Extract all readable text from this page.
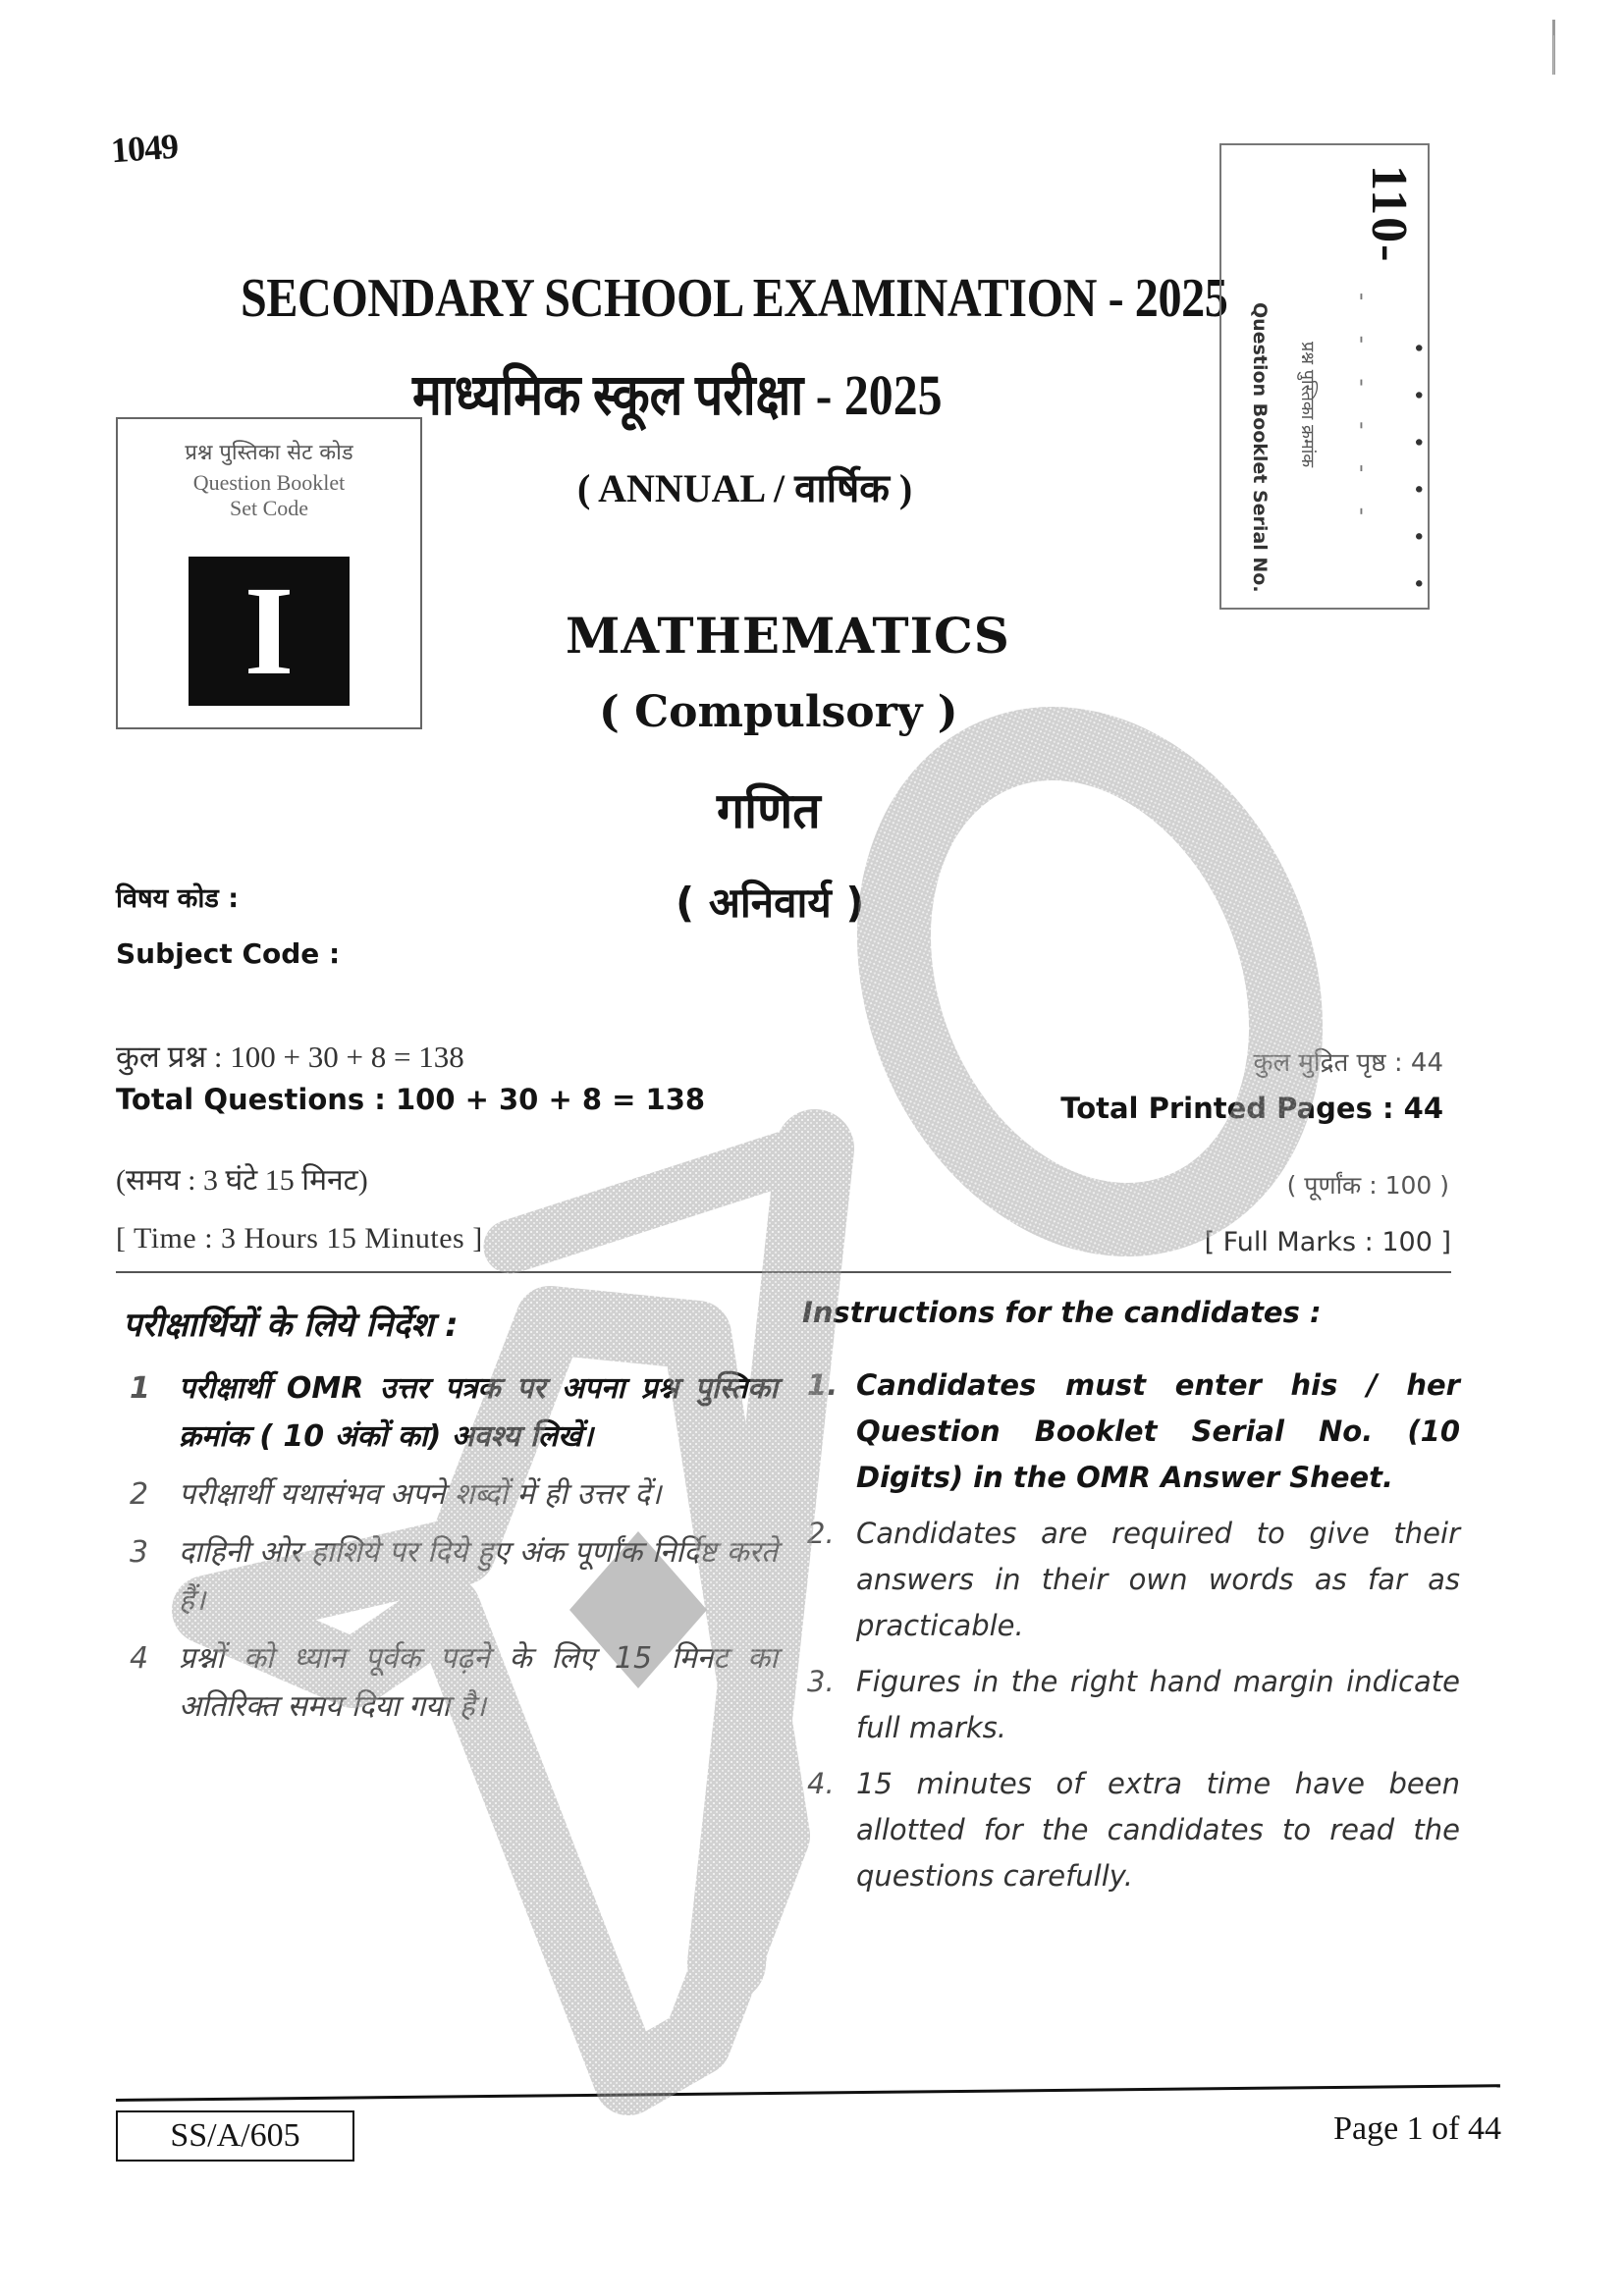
1049
SECONDARY SCHOOL EXAMINATION - 2025
माध्यमिक स्कूल परीक्षा - 2025
प्रश्न पुस्तिका सेट कोड
Question Booklet
Set Code
I
110-
- - - - - - • • • • • •
प्रश्न पुस्तिका क्रमांक
Question Booklet Serial No.
( ANNUAL / वार्षिक )
MATHEMATICS
( Compulsory )
गणित
( अनिवार्य )
विषय कोड :
Subject Code :
कुल प्रश्न : 100 + 30 + 8 = 138
Total Questions : 100 + 30 + 8 = 138
कुल मुद्रित पृष्ठ : 44
Total Printed Pages : 44
(समय : 3 घंटे 15 मिनट)
[ Time : 3 Hours 15 Minutes ]
( पूर्णांक : 100 )
[ Full Marks : 100 ]
परीक्षार्थियों के लिये निर्देश :	Instructions for the candidates :
1 परीक्षार्थी OMR उत्तर पत्रक पर अपना प्रश्न पुस्तिका क्रमांक ( 10 अंकों का) अवश्य लिखें।
2 परीक्षार्थी यथासंभव अपने शब्दों में ही उत्तर दें।
3 दाहिनी ओर हाशिये पर दिये हुए अंक पूर्णांक निर्दिष्ट करते हैं।
4 प्रश्नों को ध्यान पूर्वक पढ़ने के लिए 15 मिनट का अतिरिक्त समय दिया गया है।
1. Candidates must enter his / her Question Booklet Serial No. (10 Digits) in the OMR Answer Sheet.
2. Candidates are required to give their answers in their own words as far as practicable.
3. Figures in the right hand margin indicate full marks.
4. 15 minutes of extra time have been allotted for the candidates to read the questions carefully.
SS/A/605	Page 1 of 44
